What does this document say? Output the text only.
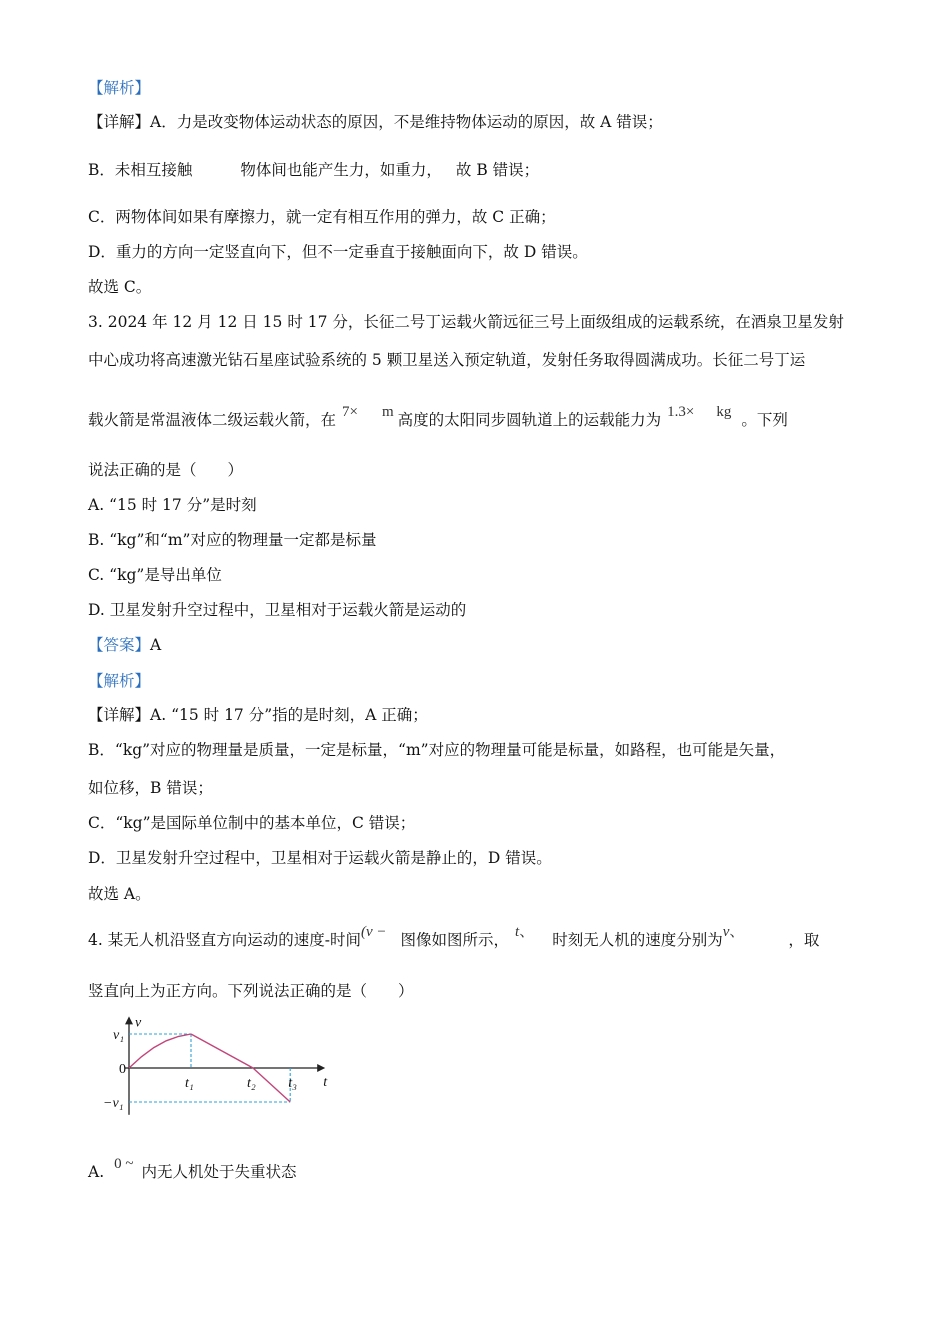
【解析】
【详解】A．力是改变物体运动状态的原因，不是维持物体运动的原因，故 A 错误；
B．未相互接触	物体间也能产生力，如重力， 故 B 错误；
C．两物体间如果有摩擦力，就一定有相互作用的弹力，故 C 正确；
D．重力的方向一定竖直向下，但不一定垂直于接触面向下，故 D 错误。
故选 C。
3. 2024 年 12 月 12 日 15 时 17 分，长征二号丁运载火箭远征三号上面级组成的运载系统，在酒泉卫星发射
中心成功将高速激光钻石星座试验系统的 5 颗卫星送入预定轨道，发射任务取得圆满成功。长征二号丁运
载火箭是常温液体二级运载火箭，在 7× m 高度的太阳同步圆轨道上的运载能力为 1.3× kg 。下列
说法正确的是（　　）
A. “15 时 17 分”是时刻
B. “kg”和“m”对应的物理量一定都是标量
C. “kg”是导出单位
D. 卫星发射升空过程中，卫星相对于运载火箭是运动的
【答案】A
【解析】
【详解】A. “15 时 17 分”指的是时刻，A 正确；
B．“kg”对应的物理量是质量，一定是标量，“m”对应的物理量可能是标量，如路程，也可能是矢量，
如位移，B 错误；
C．“kg”是国际单位制中的基本单位，C 错误；
D．卫星发射升空过程中，卫星相对于运载火箭是静止的，D 错误。
故选 A。
4. 某无人机沿竖直方向运动的速度-时间(v − 图像如图所示， t、 时刻无人机的速度分别为v、	，取
竖直向上为正方向。下列说法正确的是（　　）
v
t
v₁
0
−v₁
t₁	t₂ t₃
A. 0 ~ 内无人机处于失重状态
